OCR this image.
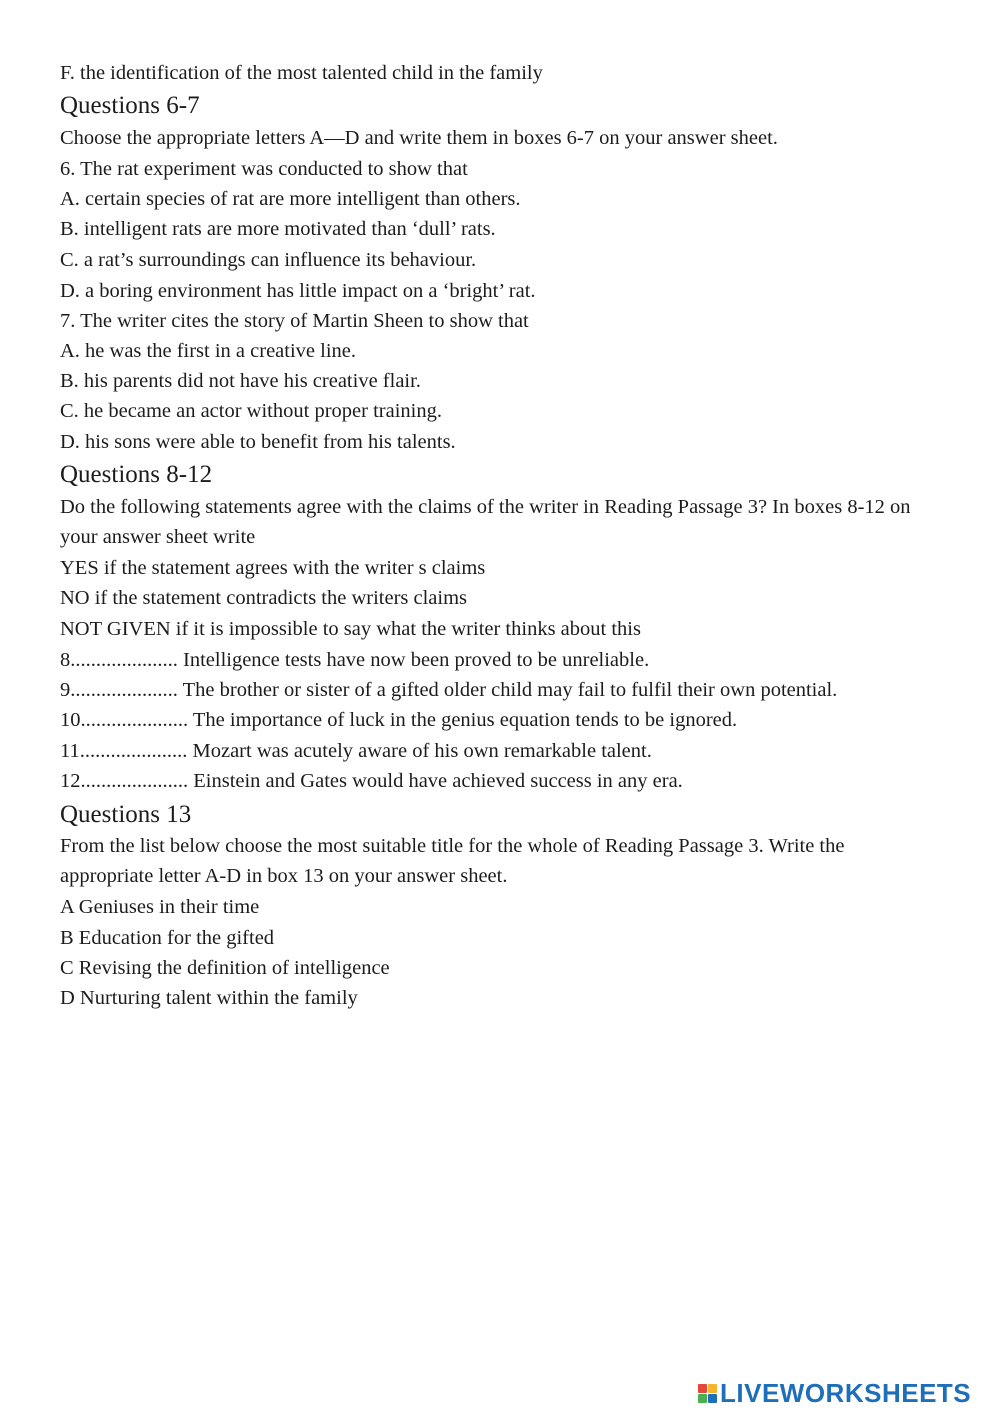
F. the identification of the most talented child in the family
Questions 6-7
Choose the appropriate letters A—D and write them in boxes 6-7 on your answer sheet.
6. The rat experiment was conducted to show that
A. certain species of rat are more intelligent than others.
B. intelligent rats are more motivated than ‘dull’ rats.
C. a rat’s surroundings can influence its behaviour.
D. a boring environment has little impact on a ‘bright’ rat.
7. The writer cites the story of Martin Sheen to show that
A. he was the first in a creative line.
B. his parents did not have his creative flair.
C. he became an actor without proper training.
D. his sons were able to benefit from his talents.
Questions 8-12
Do the following statements agree with the claims of the writer in Reading Passage 3? In boxes 8-12 on your answer sheet write
YES if the statement agrees with the writer s claims
NO if the statement contradicts the writers claims
NOT GIVEN if it is impossible to say what the writer thinks about this
8..................... Intelligence tests have now been proved to be unreliable.
9..................... The brother or sister of a gifted older child may fail to fulfil their own potential.
10..................... The importance of luck in the genius equation tends to be ignored.
11..................... Mozart was acutely aware of his own remarkable talent.
12..................... Einstein and Gates would have achieved success in any era.
Questions 13
From the list below choose the most suitable title for the whole of Reading Passage 3. Write the appropriate letter A-D in box 13 on your answer sheet.
A Geniuses in their time
B Education for the gifted
C Revising the definition of intelligence
D Nurturing talent within the family
LIVEWORKSHEETS
